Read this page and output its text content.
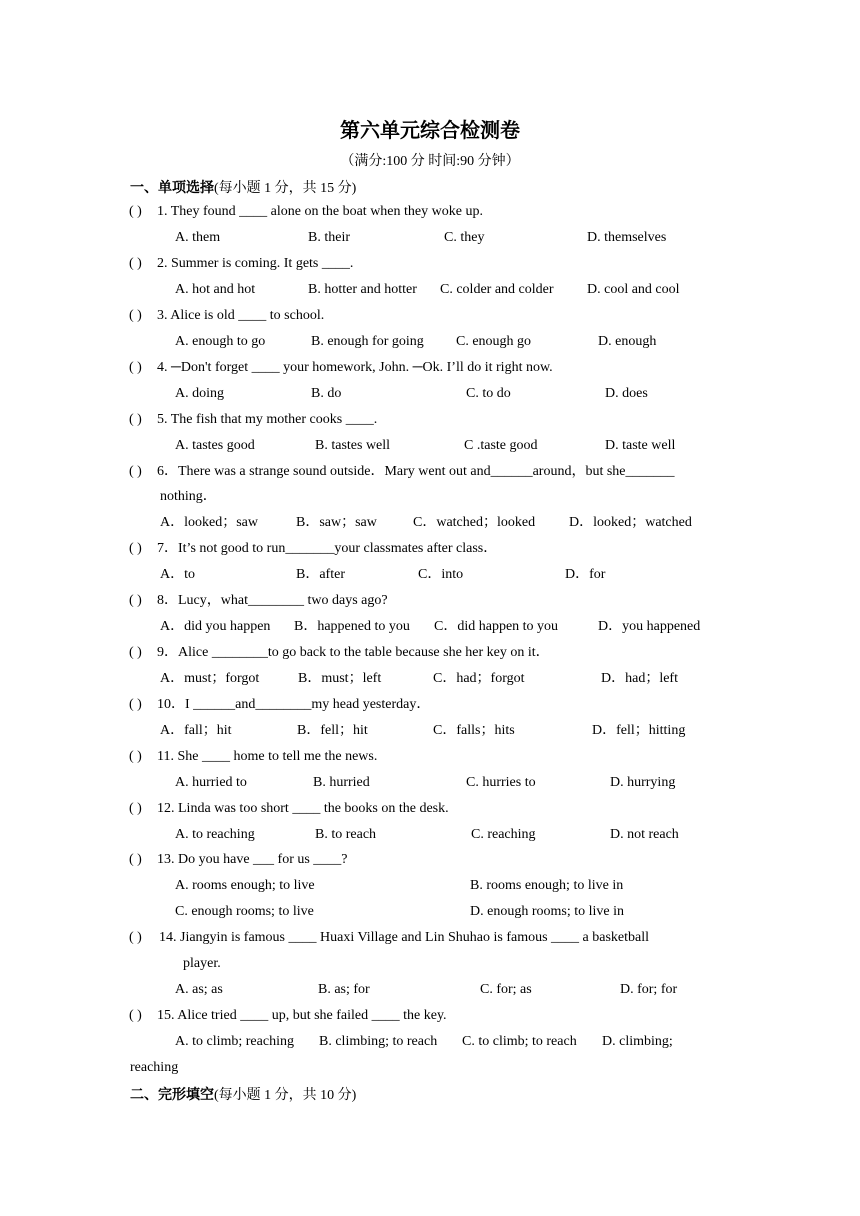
第六单元综合检测卷
（满分:100 分 时间:90 分钟）
一、单项选择(每小题 1 分，共 15 分)
( ) 1. They found ____ alone on the boat when they woke up.
A. them	B. their	C. they	D. themselves
( ) 2. Summer is coming. It gets ____.
A. hot and hot	B. hotter and hotter C. colder and colder D. cool and cool
( ) 3. Alice is old ____ to school.
A. enough to go	B. enough for going C. enough go	D. enough
( ) 4. ─Don't forget ____ your homework, John. ─Ok. I’ll do it right now.
A. doing	B. do	C. to do	D. does
( ) 5. The fish that my mother cooks ____.
A. tastes good	B. tastes well	C .taste good	D. taste well
( ) 6．There was a strange sound outside．Mary went out and______around，but she_______
nothing．
A．looked；saw	B．saw；saw	C．watched；looked D．looked；watched
( ) 7．It’s not good to run_______your classmates after class．
A．to	B．after	C．into	D．for
( ) 8．Lucy，what________ two days ago?
A．did you happen B．happened to you C．did happen to you	D．you happened
( ) 9．Alice ________to go back to the table because she her key on it．
A．must；forgot	B．must；left	C．had；forgot	D．had；left
( ) 10．I ______and________my head yesterday．
A．fall；hit	B．fell；hit	C．falls；hits	D．fell；hitting
( ) 11. She ____ home to tell me the news.
A. hurried to	B. hurried	C. hurries to	D. hurrying
( ) 12. Linda was too short ____ the books on the desk.
A. to reaching	B. to reach	C. reaching	D. not reach
( ) 13. Do you have ___ for us ____?
A. rooms enough; to live	B. rooms enough; to live in
C. enough rooms; to live	D. enough rooms; to live in
( ) 14. Jiangyin is famous ____ Huaxi Village and Lin Shuhao is famous ____ a basketball
player.
A. as; as	B. as; for	C. for; as	D. for; for
( ) 15. Alice tried ____ up, but she failed ____ the key.
A. to climb; reaching B. climbing; to reach C. to climb; to reach D. climbing;
reaching
二、完形填空(每小题 1 分，共 10 分)
